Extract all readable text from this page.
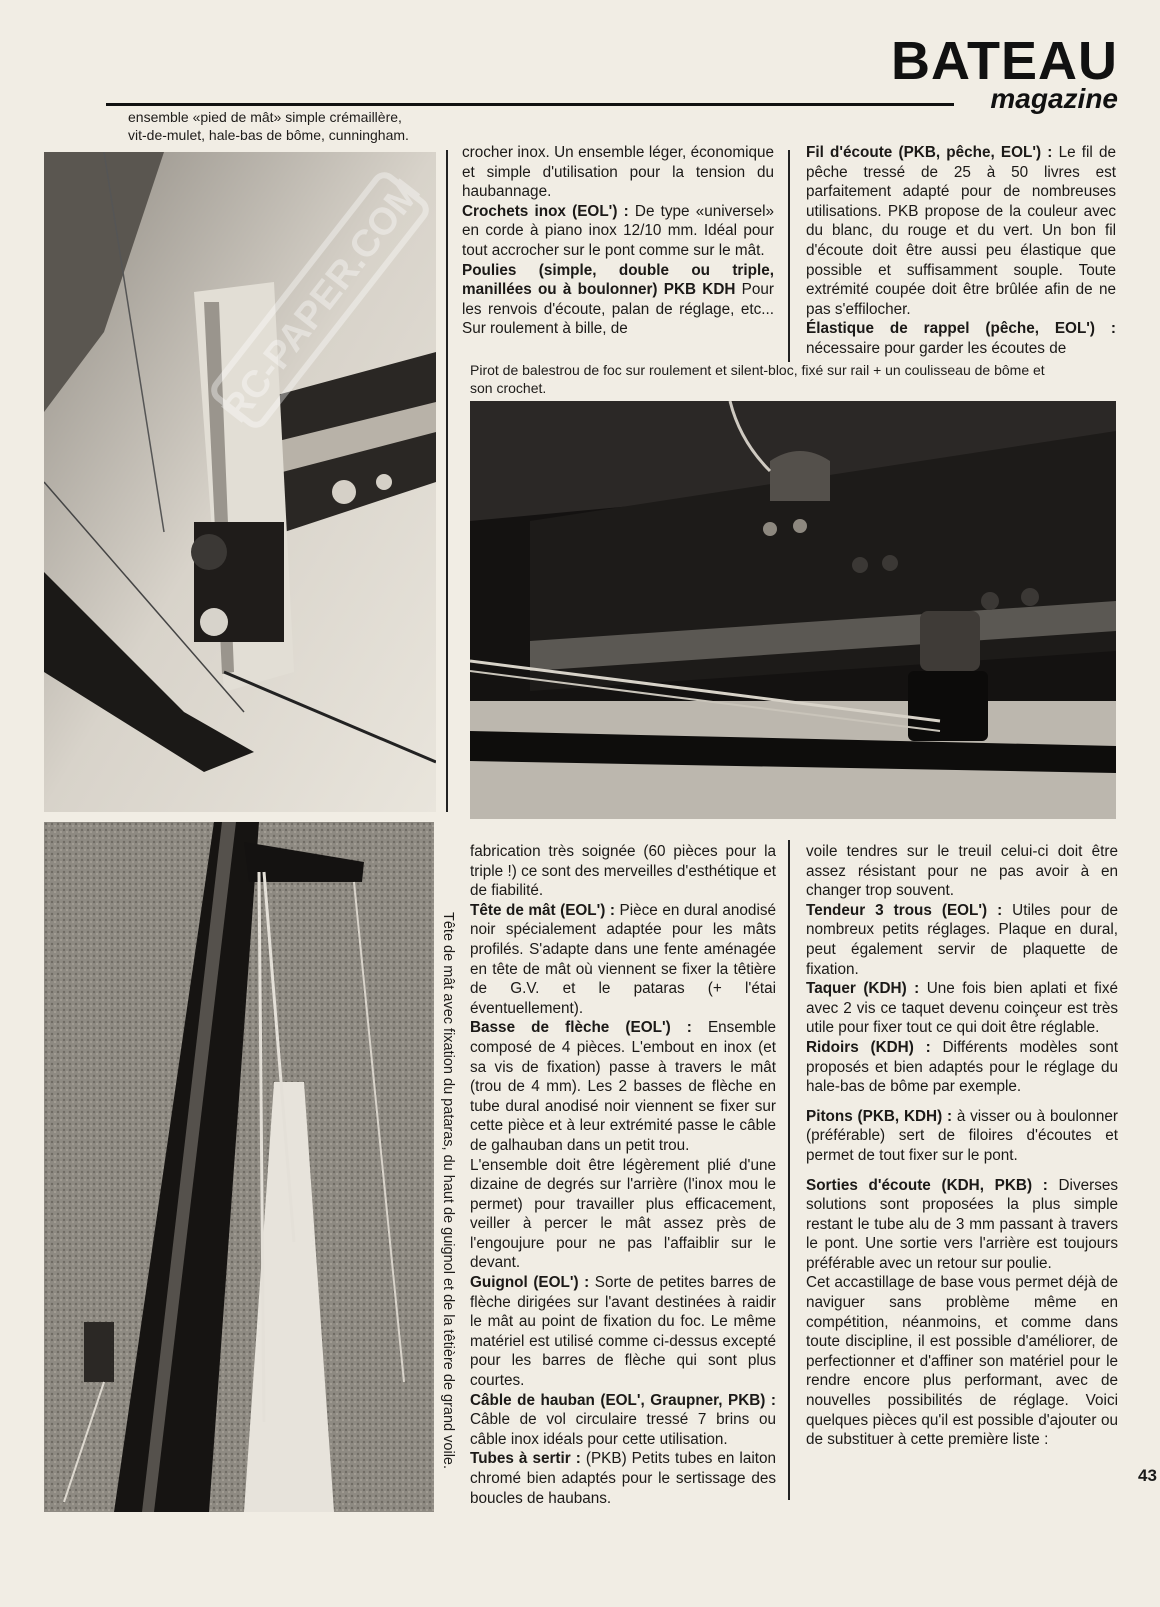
BATEAU
magazine
ensemble «pied de mât» simple crémaillère,
vit-de-mulet, hale-bas de bôme, cunningham.
RC-PAPER.COM

crocher inox. Un ensemble léger, économique et simple d'utilisation pour la tension du haubannage.

Crochets inox (EOL') : De type «universel» en corde à piano inox 12/10 mm. Idéal pour tout accrocher sur le pont comme sur le mât.

Poulies (simple, double ou triple, manillées ou à boulonner) PKB KDH Pour les renvois d'écoute, palan de réglage, etc... Sur roulement à bille, de

Fil d'écoute (PKB, pêche, EOL') : Le fil de pêche tressé de 25 à 50 livres est parfaitement adapté pour de nombreuses utilisations. PKB propose de la couleur avec du blanc, du rouge et du vert. Un bon fil d'écoute doit être aussi peu élastique que possible et suffisamment souple. Toute extrémité coupée doit être brûlée afin de ne pas s'effilocher.

Élastique de rappel (pêche, EOL') : nécessaire pour garder les écoutes de

Pirot de balestrou de foc sur roulement et silent-bloc, fixé sur rail + un coulisseau de bôme et
son crochet.
Tête de mât avec fixation du pataras, du haut de guignol et de la têtière de grand voile.

fabrication très soignée (60 pièces pour la triple !) ce sont des merveilles d'esthétique et de fiabilité.

Tête de mât (EOL') : Pièce en dural anodisé noir spécialement adaptée pour les mâts profilés. S'adapte dans une fente aménagée en tête de mât où viennent se fixer la têtière de G.V. et le pataras (+ l'étai éventuellement).

Basse de flèche (EOL') : Ensemble composé de 4 pièces. L'embout en inox (et sa vis de fixation) passe à travers le mât (trou de 4 mm). Les 2 basses de flèche en tube dural anodisé noir viennent se fixer sur cette pièce et à leur extrémité passe le câble de galhauban dans un petit trou.

L'ensemble doit être légèrement plié d'une dizaine de degrés sur l'arrière (l'inox mou le permet) pour travailler plus efficacement, veiller à percer le mât assez près de l'engoujure pour ne pas l'affaiblir sur le devant.

Guignol (EOL') : Sorte de petites barres de flèche dirigées sur l'avant destinées à raidir le mât au point de fixation du foc. Le même matériel est utilisé comme ci-dessus excepté pour les barres de flèche qui sont plus courtes.

Câble de hauban (EOL', Graupner, PKB) : Câble de vol circulaire tressé 7 brins ou câble inox idéals pour cette utilisation.

Tubes à sertir : (PKB) Petits tubes en laiton chromé bien adaptés pour le sertissage des boucles de haubans.

voile tendres sur le treuil celui-ci doit être assez résistant pour ne pas avoir à en changer trop souvent.

Tendeur 3 trous (EOL') : Utiles pour de nombreux petits réglages. Plaque en dural, peut également servir de plaquette de fixation.

Taquer (KDH) : Une fois bien aplati et fixé avec 2 vis ce taquet devenu coinçeur est très utile pour fixer tout ce qui doit être réglable.

Ridoirs (KDH) : Différents modèles sont proposés et bien adaptés pour le réglage du hale-bas de bôme par exemple.

Pitons (PKB, KDH) : à visser ou à boulonner (préférable) sert de filoires d'écoutes et permet de tout fixer sur le pont.

Sorties d'écoute (KDH, PKB) : Diverses solutions sont proposées la plus simple restant le tube alu de 3 mm passant à travers le pont. Une sortie vers l'arrière est toujours préférable avec un retour sur poulie.

Cet accastillage de base vous permet déjà de naviguer sans problème même en compétition, néanmoins, et comme dans toute discipline, il est possible d'améliorer, de perfectionner et d'affiner son matériel pour le rendre encore plus performant, avec de nouvelles possibilités de réglage. Voici quelques pièces qu'il est possible d'ajouter ou de substituer à cette première liste :

43
